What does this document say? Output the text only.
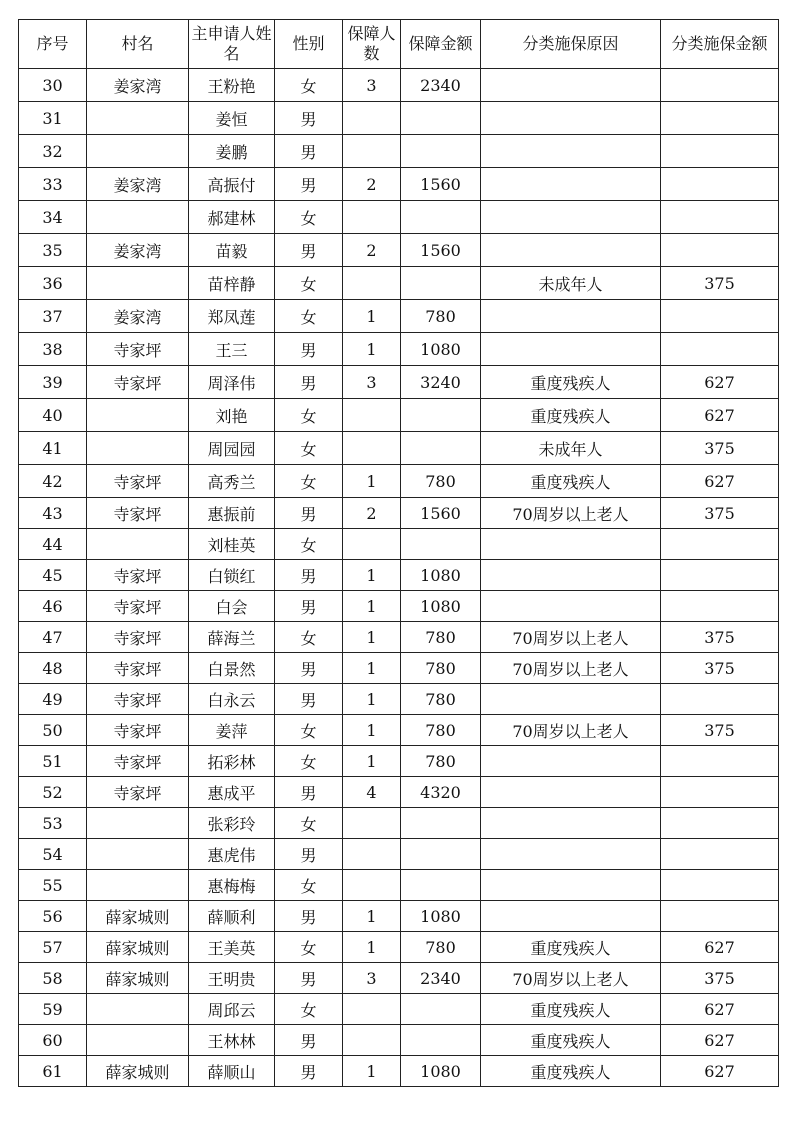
序号	村名	主申请人姓名	性别	保障人数	保障金额	分类施保原因	分类施保金额
30	姜家湾	王粉艳	女	3	2340		
31		姜恒	男				
32		姜鹏	男				
33	姜家湾	高振付	男	2	1560		
34		郝建林	女				
35	姜家湾	苗毅	男	2	1560		
36		苗梓静	女			未成年人	375
37	姜家湾	郑凤莲	女	1	780		
38	寺家坪	王三	男	1	1080		
39	寺家坪	周泽伟	男	3	3240	重度残疾人	627
40		刘艳	女			重度残疾人	627
41		周园园	女			未成年人	375
42	寺家坪	高秀兰	女	1	780	重度残疾人	627
43	寺家坪	惠振前	男	2	1560	70周岁以上老人	375
44		刘桂英	女				
45	寺家坪	白锁红	男	1	1080		
46	寺家坪	白会	男	1	1080		
47	寺家坪	薛海兰	女	1	780	70周岁以上老人	375
48	寺家坪	白景然	男	1	780	70周岁以上老人	375
49	寺家坪	白永云	男	1	780		
50	寺家坪	姜萍	女	1	780	70周岁以上老人	375
51	寺家坪	拓彩林	女	1	780		
52	寺家坪	惠成平	男	4	4320		
53		张彩玲	女				
54		惠虎伟	男				
55		惠梅梅	女				
56	薛家城则	薛顺利	男	1	1080		
57	薛家城则	王美英	女	1	780	重度残疾人	627
58	薛家城则	王明贵	男	3	2340	70周岁以上老人	375
59		周邱云	女			重度残疾人	627
60		王林林	男			重度残疾人	627
61	薛家城则	薛顺山	男	1	1080	重度残疾人	627
